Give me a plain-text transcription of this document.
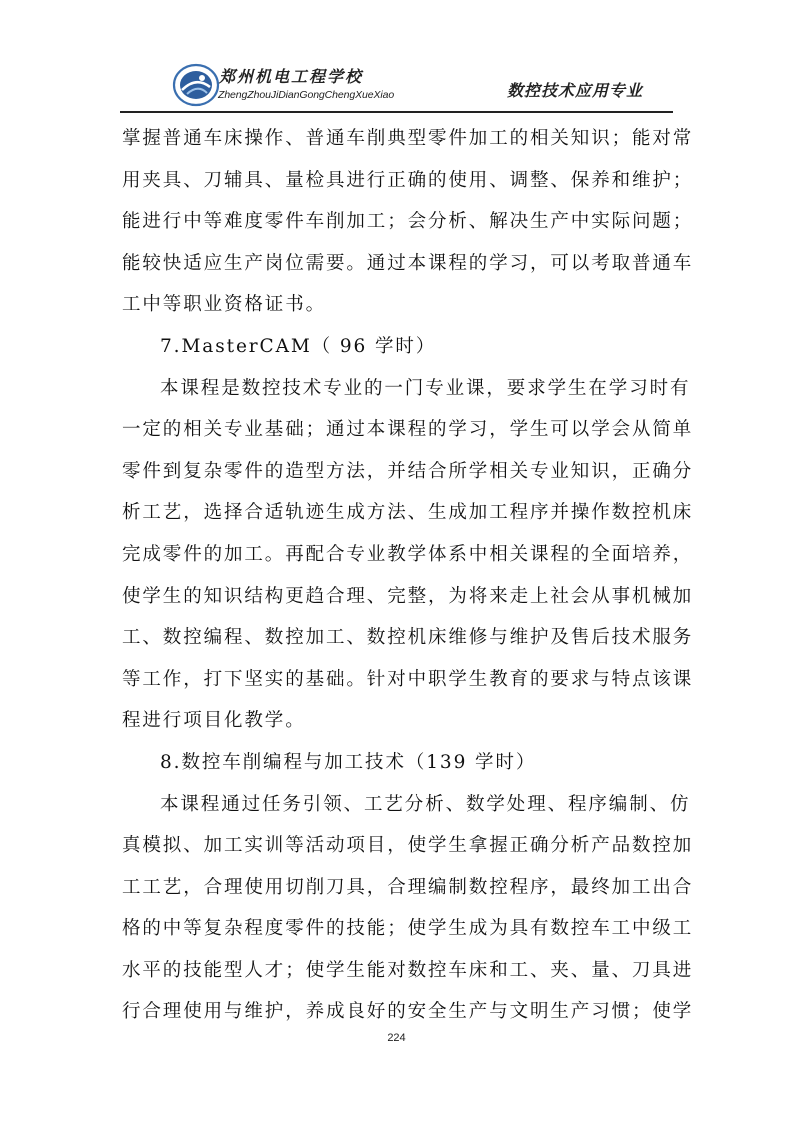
郑州机电工程学校
ZhengZhouJiDianGongChengXueXiao	数控技术应用专业
掌握普通车床操作、普通车削典型零件加工的相关知识；能对常
用夹具、刀辅具、量检具进行正确的使用、调整、保养和维护；
能进行中等难度零件车削加工；会分析、解决生产中实际问题；
能较快适应生产岗位需要。通过本课程的学习，可以考取普通车
工中等职业资格证书。
7.MasterCAM（ 96 学时）
本课程是数控技术专业的一门专业课，要求学生在学习时有
一定的相关专业基础；通过本课程的学习，学生可以学会从简单
零件到复杂零件的造型方法，并结合所学相关专业知识，正确分
析工艺，选择合适轨迹生成方法、生成加工程序并操作数控机床
完成零件的加工。再配合专业教学体系中相关课程的全面培养，
使学生的知识结构更趋合理、完整，为将来走上社会从事机械加
工、数控编程、数控加工、数控机床维修与维护及售后技术服务
等工作，打下坚实的基础。针对中职学生教育的要求与特点该课
程进行项目化教学。
8.数控车削编程与加工技术（139 学时）
本课程通过任务引领、工艺分析、数学处理、程序编制、仿
真模拟、加工实训等活动项目，使学生拿握正确分析产品数控加
工工艺，合理使用切削刀具，合理编制数控程序，最终加工出合
格的中等复杂程度零件的技能；使学生成为具有数控车工中级工
水平的技能型人才；使学生能对数控车床和工、夹、量、刀具进
行合理使用与维护，养成良好的安全生产与文明生产习惯；使学
224
